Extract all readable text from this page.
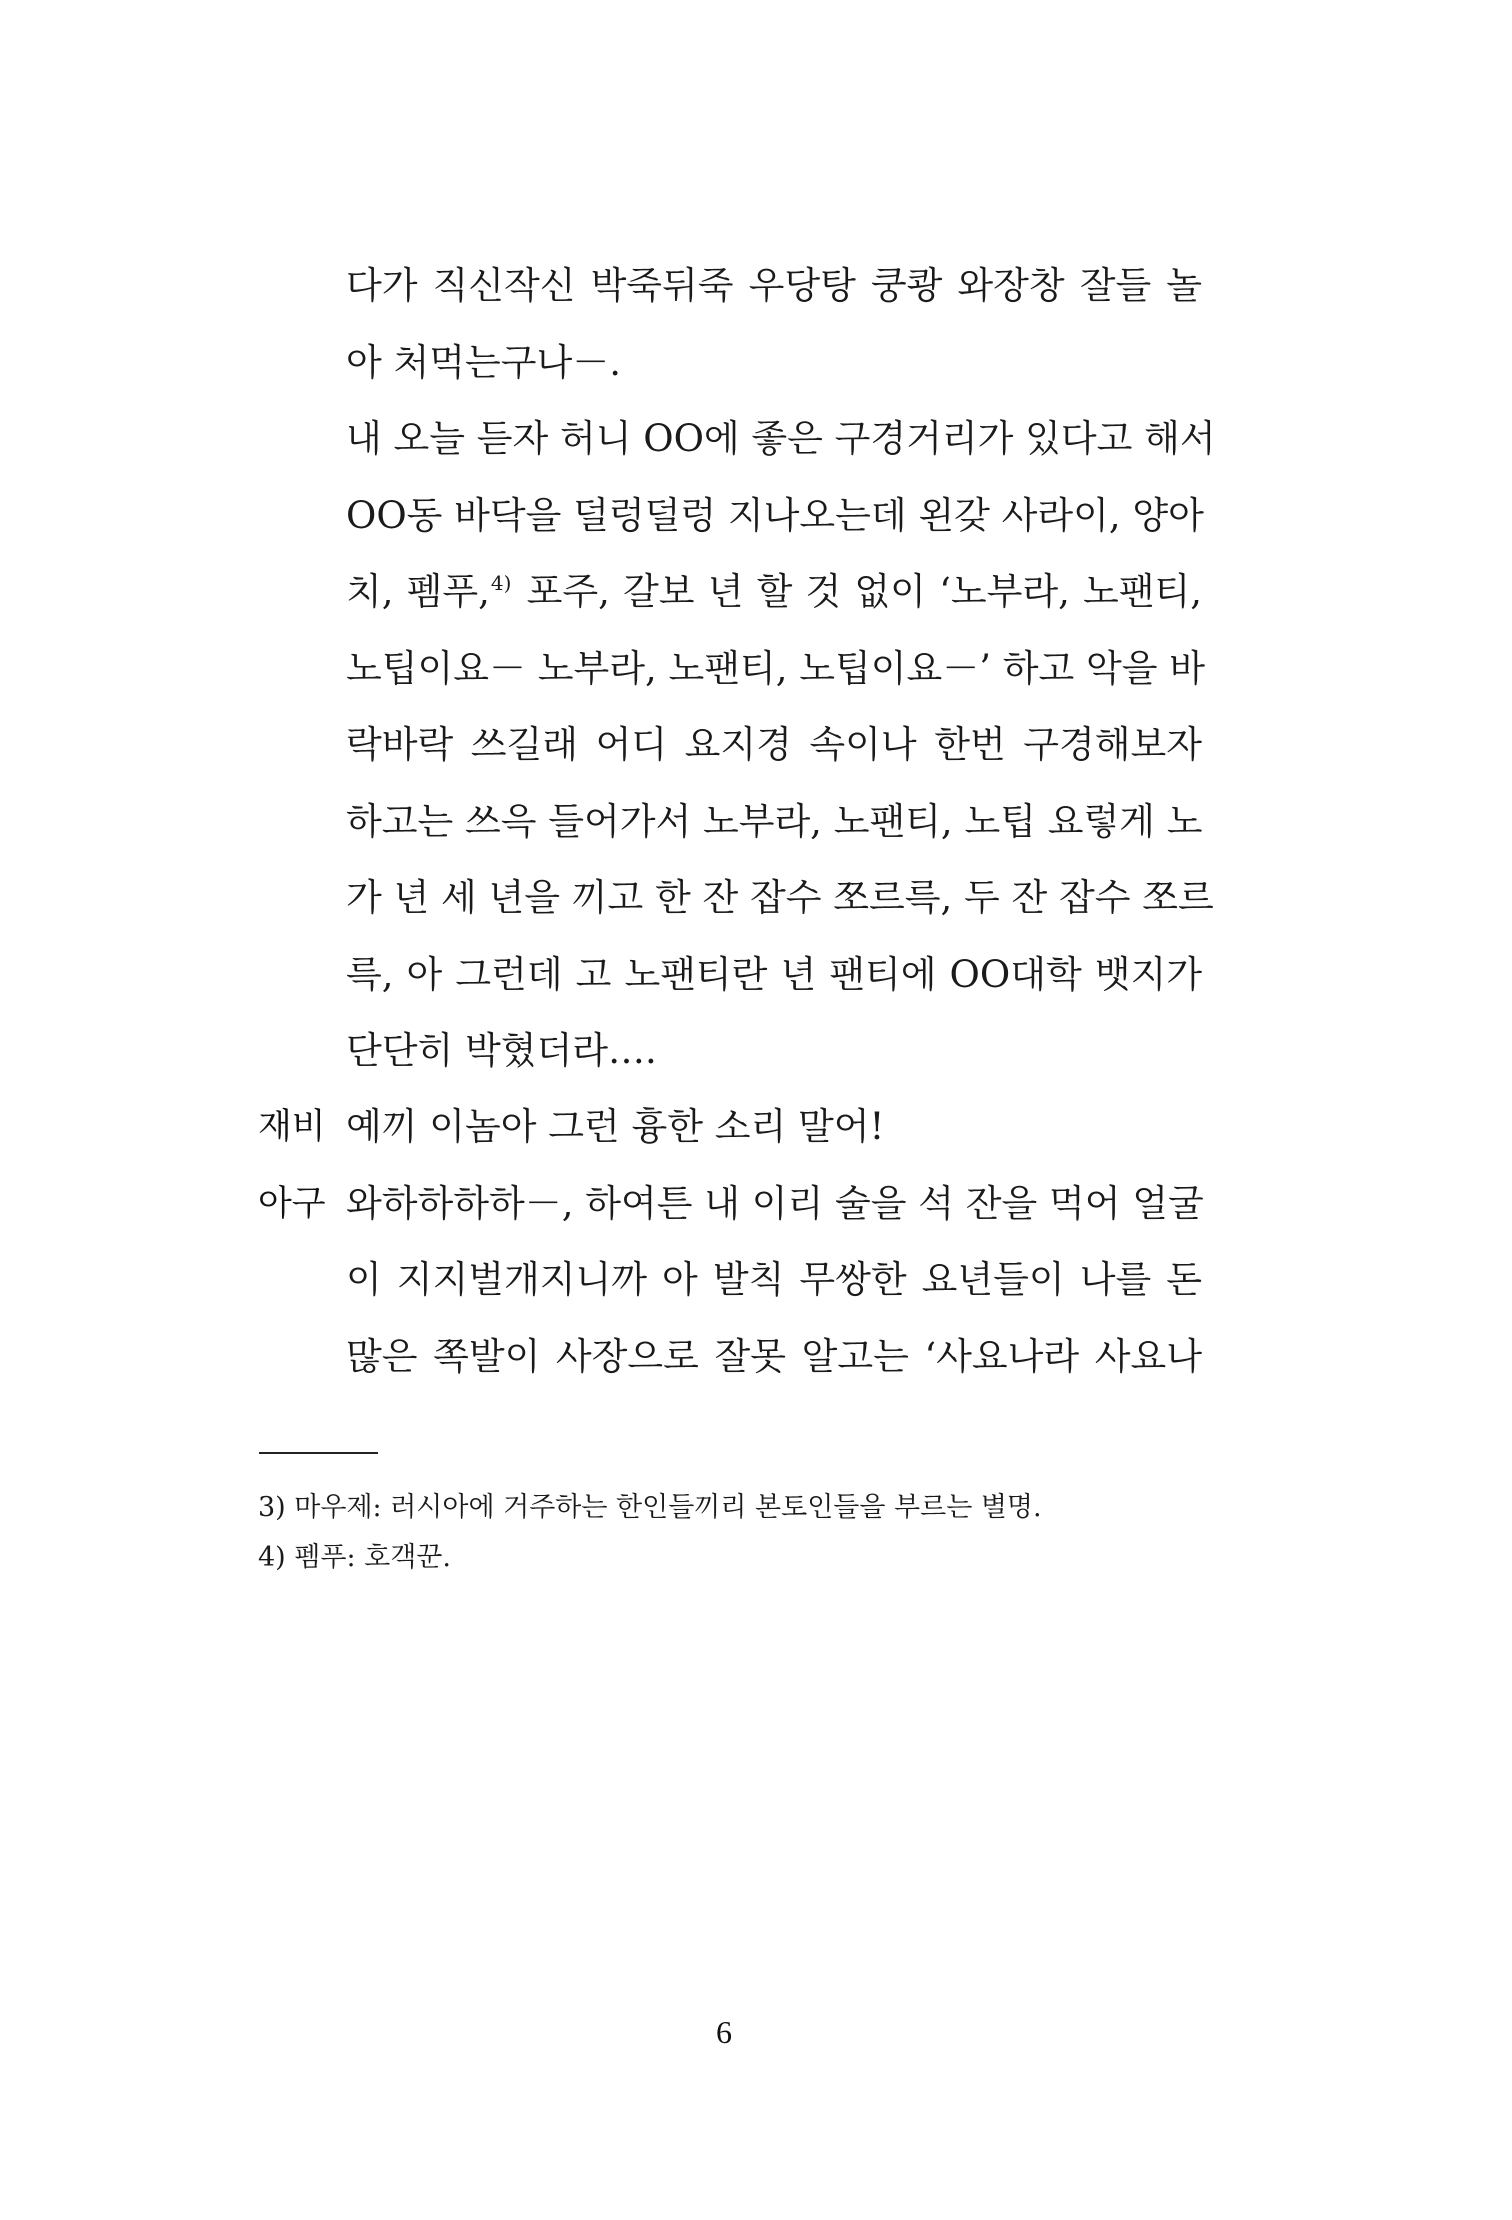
다가 직신작신 박죽뒤죽 우당탕 쿵쾅 와장창 잘들 놀
아 처먹는구나－.
내 오늘 듣자 허니 OO에 좋은 구경거리가 있다고 해서
OO동 바닥을 덜렁덜렁 지나오는데 왼갖 사라이, 양아
치, 펨푸,$^{4)}$ 포주, 갈보 년 할 것 없이 ‘노부라, 노팬티,
노팁이요－ 노부라, 노팬티, 노팁이요－’ 하고 악을 바
락바락 쓰길래 어디 요지경 속이나 한번 구경해보자
하고는 쓰윽 들어가서 노부라, 노팬티, 노팁 요렇게 노
가 년 세 년을 끼고 한 잔 잡수 쪼르륵, 두 잔 잡수 쪼르
륵, 아 그런데 고 노팬티란 년 팬티에 OO대학 뱃지가
단단히 박혔더라….
재비 예끼 이놈아 그런 흉한 소리 말어!
아구 와하하하하－, 하여튼 내 이리 술을 석 잔을 먹어 얼굴
이 지지벌개지니까 아 발칙 무쌍한 요년들이 나를 돈
많은 쪽발이 사장으로 잘못 알고는 ‘사요나라 사요나
3) 마우제: 러시아에 거주하는 한인들끼리 본토인들을 부르는 별명.
4) 펨푸: 호객꾼.
6
